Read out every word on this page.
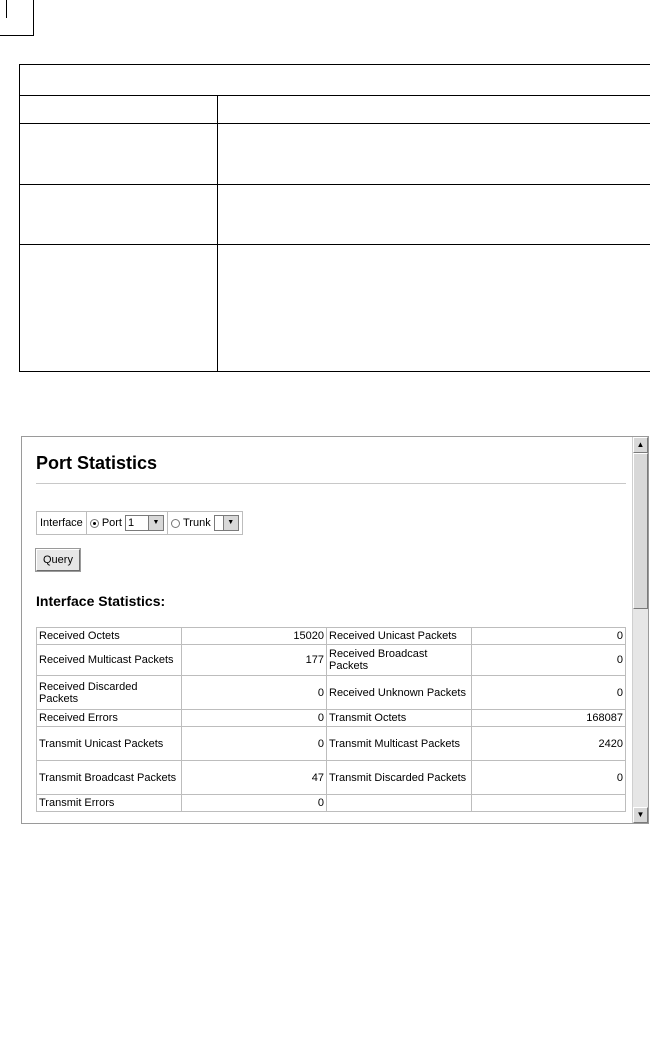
Port Statistics
Interface	Port 1	▼	Trunk	▼
Query
Interface Statistics:
Received Octets	15020	Received Unicast Packets	0
Received Multicast Packets	177	Received Broadcast Packets	0
Received Discarded Packets	0	Received Unknown Packets	0
Received Errors	0	Transmit Octets	168087
Transmit Unicast Packets	0	Transmit Multicast Packets	2420
Transmit Broadcast Packets	47	Transmit Discarded Packets	0
Transmit Errors	0		
▲
▼
